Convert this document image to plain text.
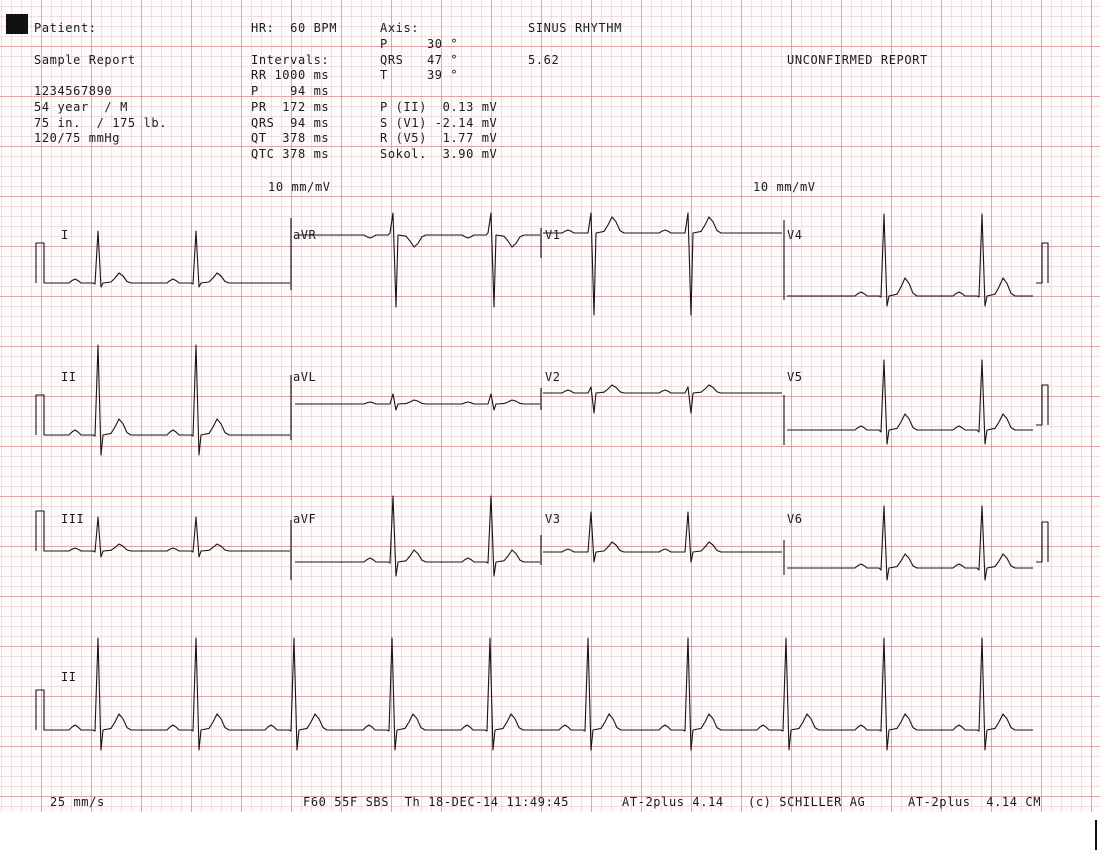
Patient:
Sample Report
1234567890
54 year  / M
75 in.  / 175 lb.
120/75 mmHg
HR:  60 BPM
Intervals:
RR 1000 ms
P    94 ms
PR  172 ms
QRS  94 ms
QT  378 ms
QTC 378 ms
Axis:
P     30 °
QRS   47 °
T     39 °
P (II)  0.13 mV
S (V1) -2.14 mV
R (V5)  1.77 mV
Sokol.  3.90 mV
SINUS RHYTHM
5.62	UNCONFIRMED REPORT
10 mm/mV	10 mm/mV
I	aVR	V1	V4
II	aVL	V2	V5
III	aVF	V3	V6
II
25 mm/s	F60 55F SBS  Th 18-DEC-14 11:49:45	AT-2plus 4.14 (c) SCHILLER AG	AT-2plus  4.14 CM
